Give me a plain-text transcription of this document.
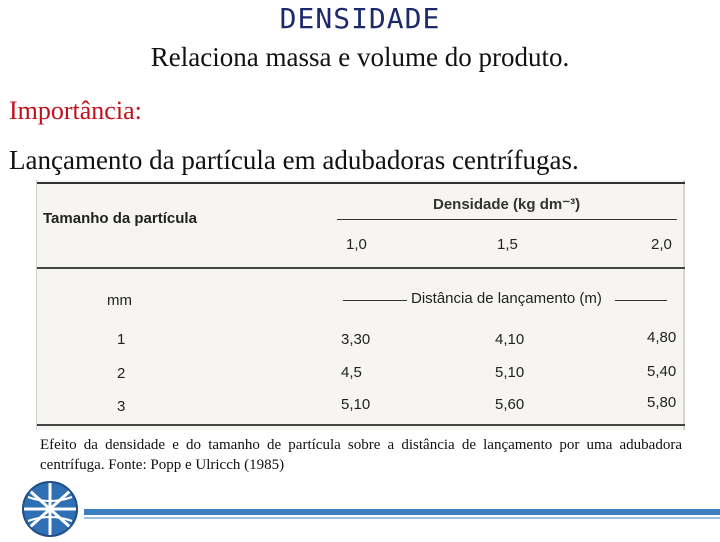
DENSIDADE
Relaciona massa e volume do produto.
Importância:
Lançamento da partícula em adubadoras centrífugas.
Tamanho da partícula
Densidade (kg dm⁻³)
1,0	1,5	2,0
mm	Distância de lançamento (m)
1	3,30	4,10	4,80
2	4,5	5,10	5,40
3	5,10	5,60	5,80
Efeito da densidade e do tamanho de partícula sobre a distância de lançamento por uma adubadora centrífuga. Fonte: Popp e Ulricch (1985)
